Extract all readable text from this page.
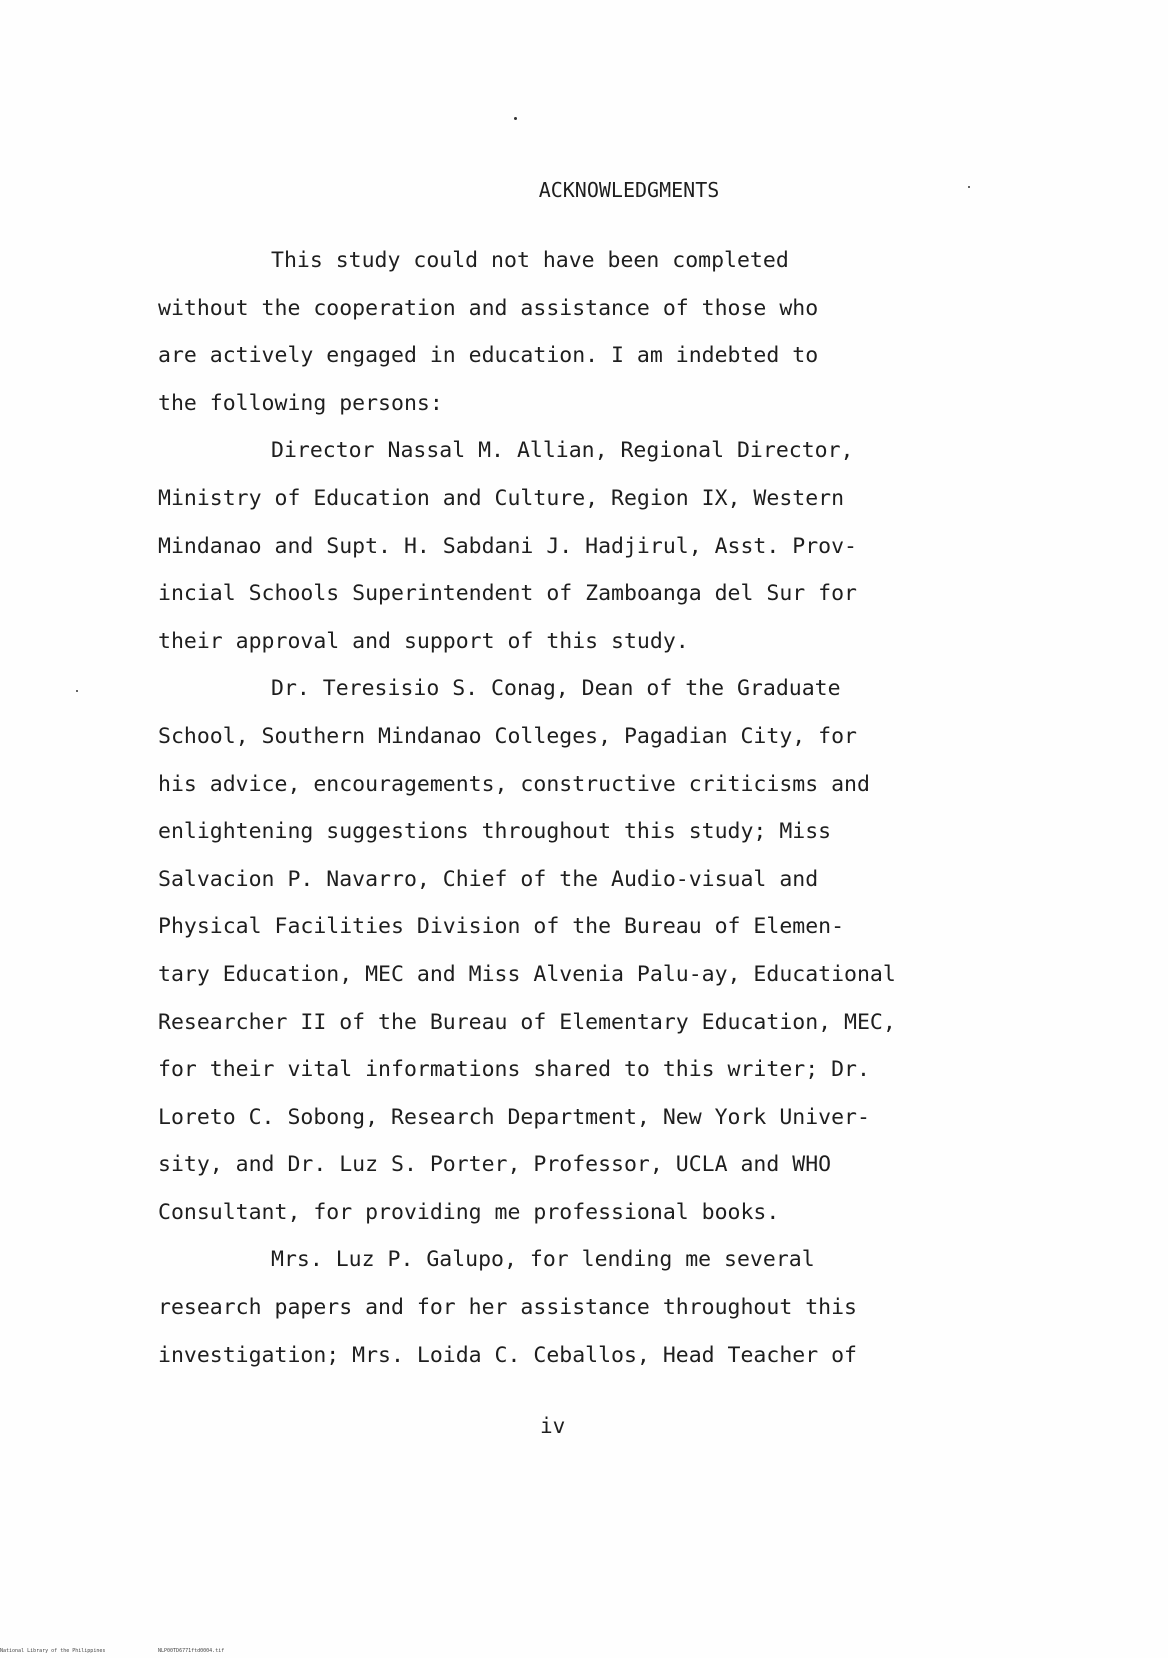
ACKNOWLEDGMENTS
This study could not have been completed
without the cooperation and assistance of those who
are actively engaged in education. I am indebted to
the following persons:
Director Nassal M. Allian, Regional Director,
Ministry of Education and Culture, Region IX, Western
Mindanao and Supt. H. Sabdani J. Hadjirul, Asst. Prov-
incial Schools Superintendent of Zamboanga del Sur for
their approval and support of this study.
Dr. Teresisio S. Conag, Dean of the Graduate
School, Southern Mindanao Colleges, Pagadian City, for
his advice, encouragements, constructive criticisms and
enlightening suggestions throughout this study; Miss
Salvacion P. Navarro, Chief of the Audio-visual and
Physical Facilities Division of the Bureau of Elemen-
tary Education, MEC and Miss Alvenia Palu-ay, Educational
Researcher II of the Bureau of Elementary Education, MEC,
for their vital informations shared to this writer; Dr.
Loreto C. Sobong, Research Department, New York Univer-
sity, and Dr. Luz S. Porter, Professor, UCLA and WHO
Consultant, for providing me professional books.
Mrs. Luz P. Galupo, for lending me several
research papers and for her assistance throughout this
investigation; Mrs. Loida C. Ceballos, Head Teacher of
iv
National Library of the Philippines	NLP00TD6771ftd0004.tif
